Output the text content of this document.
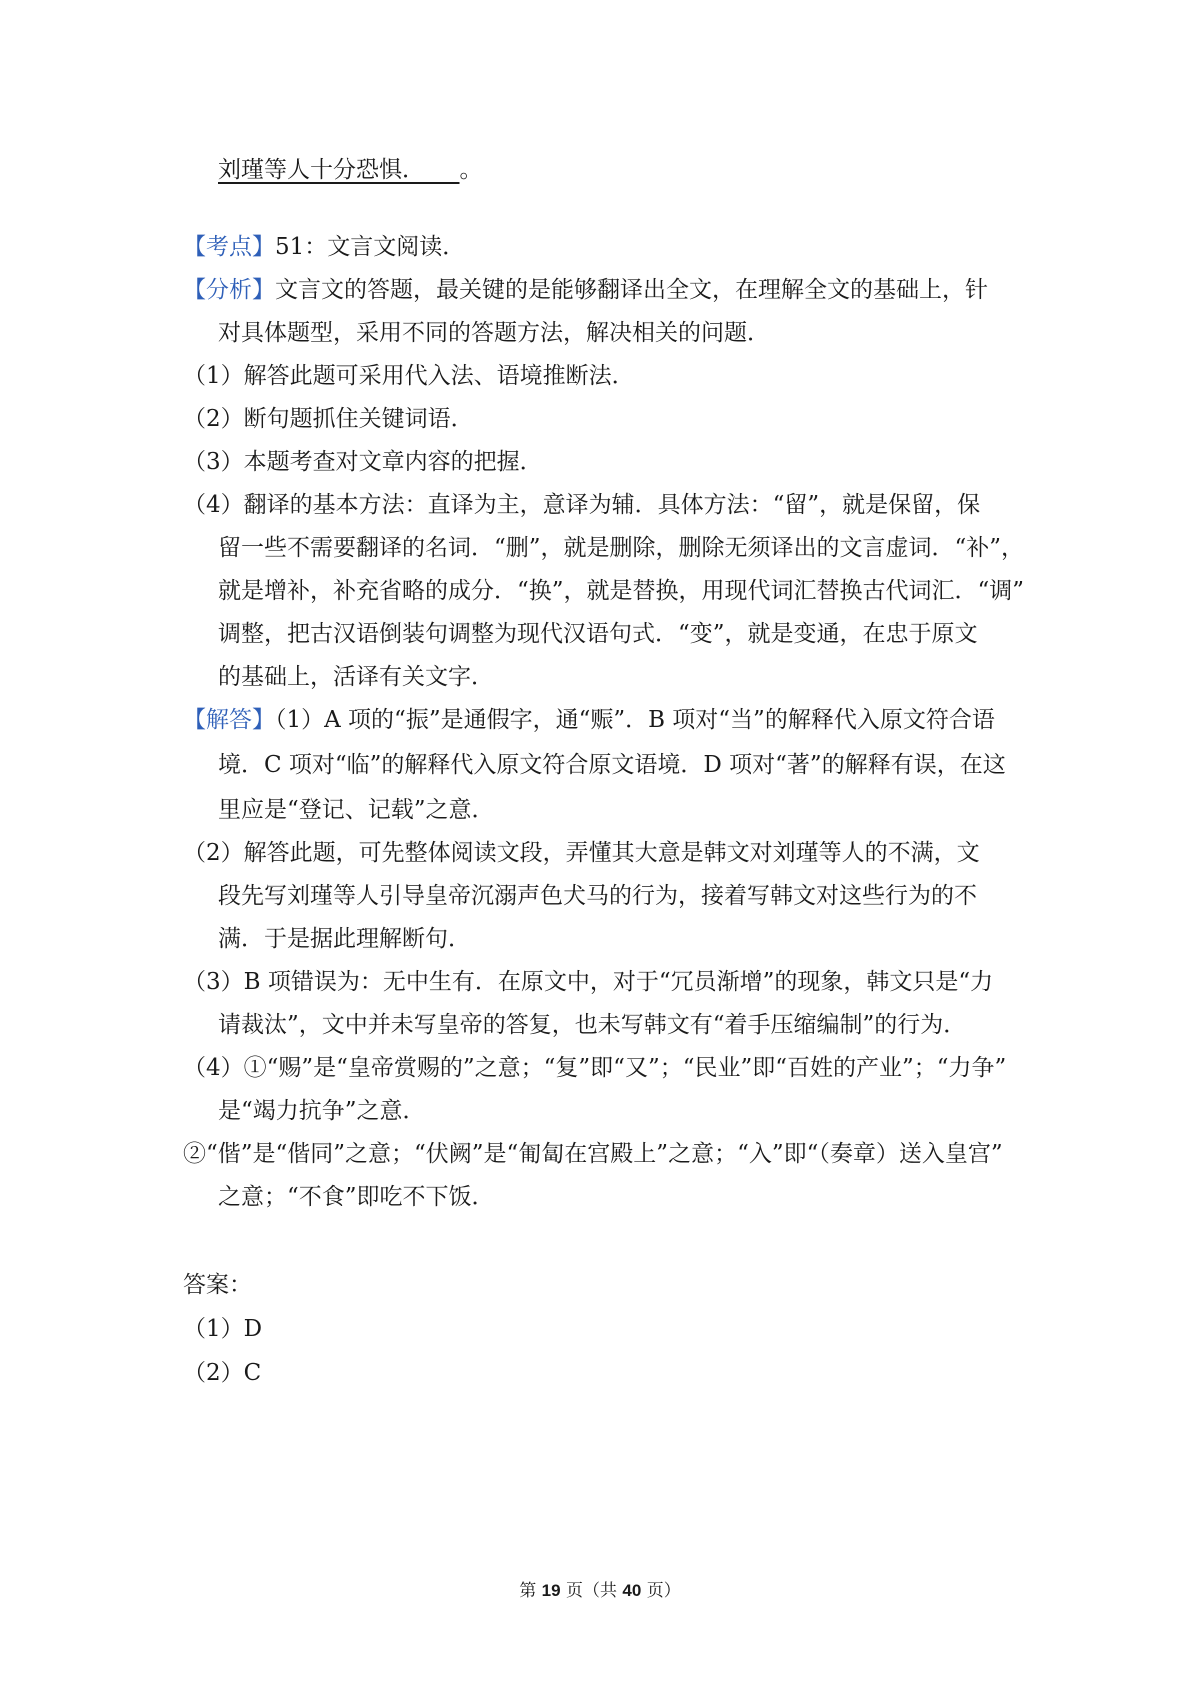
刘瑾等人十分恐惧．　　 。
【考点】51：文言文阅读．
【分析】文言文的答题，最关键的是能够翻译出全文，在理解全文的基础上，针
对具体题型，采用不同的答题方法，解决相关的问题．
（1）解答此题可采用代入法、语境推断法．
（2）断句题抓住关键词语．
（3）本题考查对文章内容的把握．
（4）翻译的基本方法：直译为主，意译为辅．具体方法：“留”，就是保留，保
留一些不需要翻译的名词．“删”，就是删除，删除无须译出的文言虚词．“补”，
就是增补，补充省略的成分．“换”，就是替换，用现代词汇替换古代词汇．“调”
调整，把古汉语倒装句调整为现代汉语句式．“变”，就是变通，在忠于原文
的基础上，活译有关文字．
【解答】（1）A 项的“振”是通假字，通“赈”．B 项对“当”的解释代入原文符合语
境．C 项对“临”的解释代入原文符合原文语境．D 项对“著”的解释有误，在这
里应是“登记、记载”之意．
（2）解答此题，可先整体阅读文段，弄懂其大意是韩文对刘瑾等人的不满，文
段先写刘瑾等人引导皇帝沉溺声色犬马的行为，接着写韩文对这些行为的不
满．于是据此理解断句．
（3）B 项错误为：无中生有．在原文中，对于“冗员渐增”的现象，韩文只是“力
请裁汰”，文中并未写皇帝的答复，也未写韩文有“着手压缩编制”的行为．
（4）①“赐”是“皇帝赏赐的”之意；“复”即“又”；“民业”即“百姓的产业”；“力争”
是“竭力抗争”之意．
②“偕”是“偕同”之意；“伏阙”是“匍匐在宫殿上”之意；“入”即“（奏章）送入皇宫”
之意；“不食”即吃不下饭．
答案：
（1）D
（2）C
第 19 页（共 40 页）
